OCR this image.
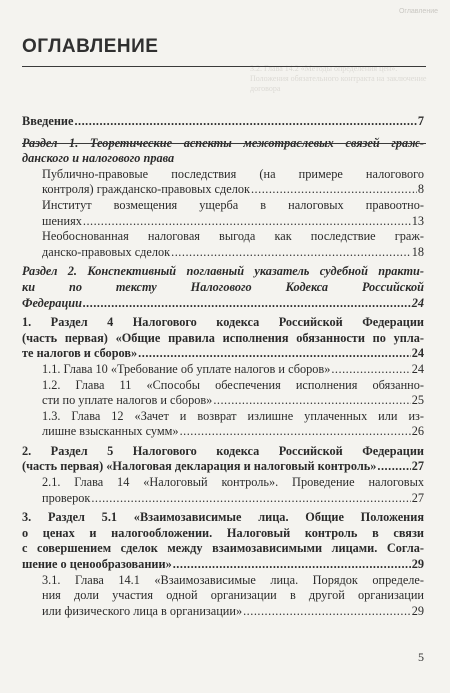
Оглавление
3.2. Глава 14.2 «Методы определения цен». Положения обязательного контракта на заключение договора
ОГЛАВЛЕНИЕ
Введение .....	7
Раздел 1. Теоретические аспекты межотраслевых связей граж-
данского и налогового права
Публично-правовые последствия (на примере налогового
контроля) гражданско-правовых сделок .....	8
Институт возмещения ущерба в налоговых правоотно-
шениях .....	13
Необоснованная налоговая выгода как последствие граж-
данско-правовых сделок .....	18
Раздел 2. Конспективный поглавный указатель судебной практи-
ки по тексту Налогового Кодекса Российской
Федерации .....	24
1. Раздел 4 Налогового кодекса Российской Федерации
(часть первая) «Общие правила исполнения обязанности по упла-
те налогов и сборов» .....	24
1.1. Глава 10 «Требование об уплате налогов и сборов» .....	24
1.2. Глава 11 «Способы обеспечения исполнения обязанно-
сти по уплате налогов и сборов» .....	25
1.3. Глава 12 «Зачет и возврат излишне уплаченных или из-
лишне взысканных сумм» .....	26
2. Раздел 5 Налогового кодекса Российской Федерации
(часть первая) «Налоговая декларация и налоговый контроль» .....	27
2.1. Глава 14 «Налоговый контроль». Проведение налоговых
проверок .....	27
3. Раздел 5.1 «Взаимозависимые лица. Общие Положения
о ценах и налогообложении. Налоговый контроль в связи
с совершением сделок между взаимозависимыми лицами. Согла-
шение о ценообразовании» .....	29
3.1. Глава 14.1 «Взаимозависимые лица. Порядок определе-
ния доли участия одной организации в другой организации
или физического лица в организации» .....	29
5
